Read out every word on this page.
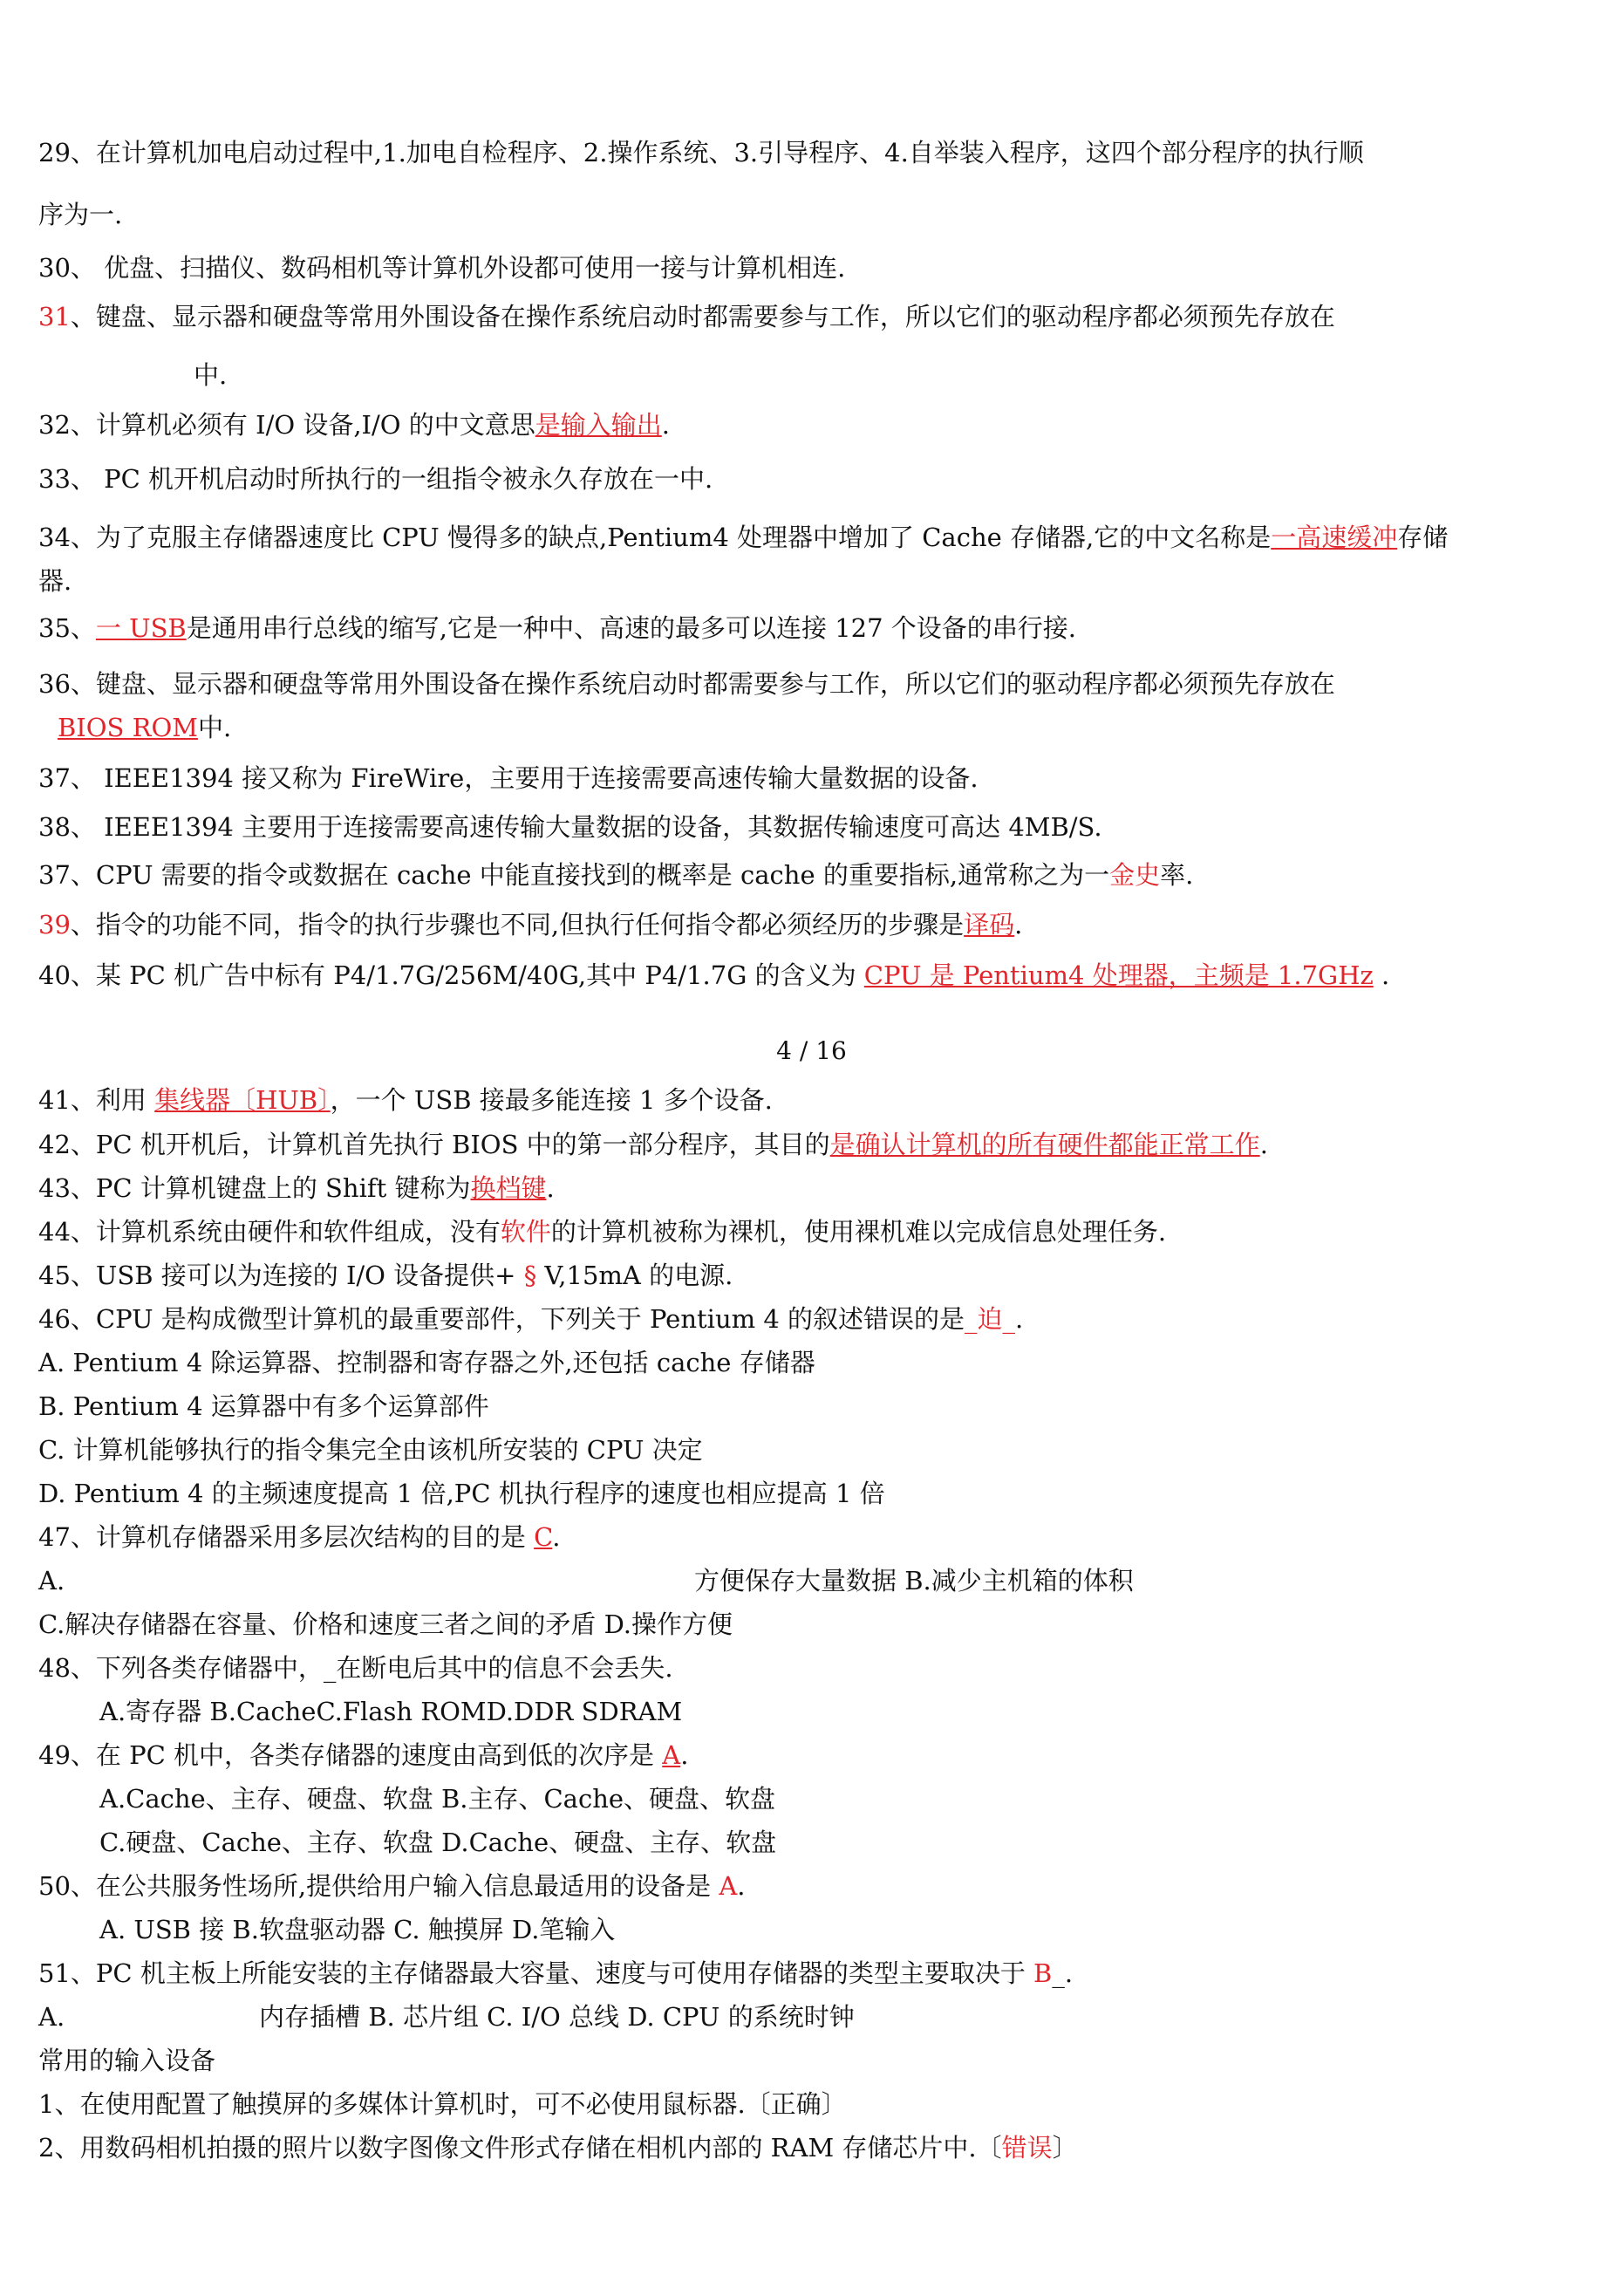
29、在计算机加电启动过程中,1.加电自检程序、2.操作系统、3.引导程序、4.自举装入程序，这四个部分程序的执行顺
序为一.
30、 优盘、扫描仪、数码相机等计算机外设都可使用一接与计算机相连.
31、键盘、显示器和硬盘等常用外围设备在操作系统启动时都需要参与工作，所以它们的驱动程序都必须预先存放在
中.
32、计算机必须有 I/O 设备,I/O 的中文意思是输入输出.
33、 PC 机开机启动时所执行的一组指令被永久存放在一中.
34、为了克服主存储器速度比 CPU 慢得多的缺点,Pentium4 处理器中增加了 Cache 存储器,它的中文名称是一高速缓冲存储
器.
35、一 USB是通用串行总线的缩写,它是一种中、高速的最多可以连接 127 个设备的串行接.
36、键盘、显示器和硬盘等常用外围设备在操作系统启动时都需要参与工作，所以它们的驱动程序都必须预先存放在
BIOS ROM中.
37、 IEEE1394 接又称为 FireWire，主要用于连接需要高速传输大量数据的设备.
38、 IEEE1394 主要用于连接需要高速传输大量数据的设备，其数据传输速度可高达 4MB/S.
37、CPU 需要的指令或数据在 cache 中能直接找到的概率是 cache 的重要指标,通常称之为一金史率.
39、指令的功能不同，指令的执行步骤也不同,但执行任何指令都必须经历的步骤是译码.
40、某 PC 机广告中标有 P4/1.7G/256M/40G,其中 P4/1.7G 的含义为 CPU 是 Pentium4 处理器，主频是 1.7GHz .
4 / 16
41、利用 集线器〔HUB〕，一个 USB 接最多能连接 1 多个设备.
42、PC 机开机后，计算机首先执行 BIOS 中的第一部分程序，其目的是确认计算机的所有硬件都能正常工作.
43、PC 计算机键盘上的 Shift 键称为换档键.
44、计算机系统由硬件和软件组成，没有软件的计算机被称为裸机，使用裸机难以完成信息处理任务.
45、USB 接可以为连接的 I/O 设备提供+ § V,15mA 的电源.
46、CPU 是构成微型计算机的最重要部件，下列关于 Pentium 4 的叙述错误的是_迫_.
A. Pentium 4 除运算器、控制器和寄存器之外,还包括 cache 存储器
B. Pentium 4 运算器中有多个运算部件
C. 计算机能够执行的指令集完全由该机所安装的 CPU 决定
D. Pentium 4 的主频速度提高 1 倍,PC 机执行程序的速度也相应提高 1 倍
47、计算机存储器采用多层次结构的目的是 C.
A.	方便保存大量数据 B.减少主机箱的体积
C.解决存储器在容量、价格和速度三者之间的矛盾 D.操作方便
48、下列各类存储器中，_在断电后其中的信息不会丢失.
A.寄存器 B.CacheC.Flash ROMD.DDR SDRAM
49、在 PC 机中，各类存储器的速度由高到低的次序是 A.
A.Cache、主存、硬盘、软盘 B.主存、Cache、硬盘、软盘
C.硬盘、Cache、主存、软盘 D.Cache、硬盘、主存、软盘
50、在公共服务性场所,提供给用户输入信息最适用的设备是 A.
A. USB 接 B.软盘驱动器 C. 触摸屏 D.笔输入
51、PC 机主板上所能安装的主存储器最大容量、速度与可使用存储器的类型主要取决于 B_.
A.	内存插槽 B. 芯片组 C. I/O 总线 D. CPU 的系统时钟
常用的输入设备
1、在使用配置了触摸屏的多媒体计算机时，可不必使用鼠标器.〔正确〕
2、用数码相机拍摄的照片以数字图像文件形式存储在相机内部的 RAM 存储芯片中.〔错误〕
